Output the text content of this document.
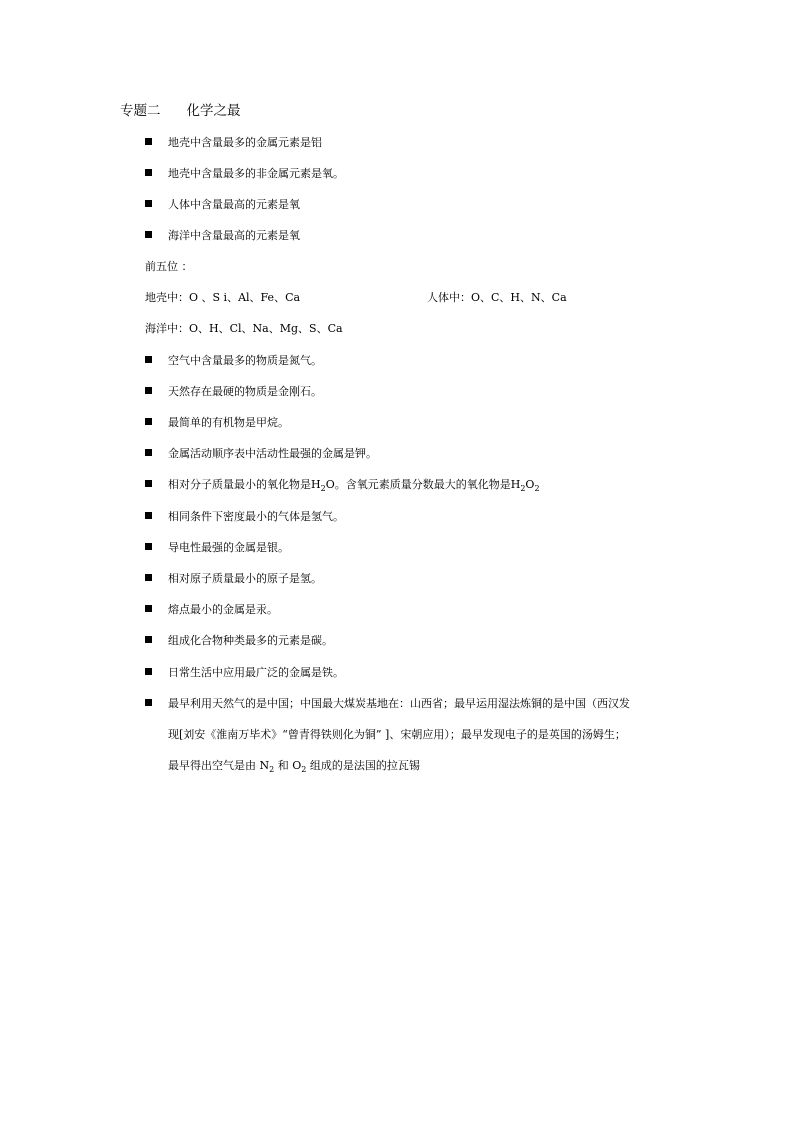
专题二 化学之最
地壳中含量最多的金属元素是铝
地壳中含量最多的非金属元素是氧。
人体中含量最高的元素是氧
海洋中含量最高的元素是氧
前五位 ：
地壳中：O 、S i、Al、Fe、Ca	人体中：O、C、H、N、Ca
海洋中：O、H、Cl、Na、Mg、S、Ca
空气中含量最多的物质是氮气。
天然存在最硬的物质是金刚石。
最简单的有机物是甲烷。
金属活动顺序表中活动性最强的金属是钾。
相对分子质量最小的氧化物是$H_2O$。含氧元素质量分数最大的氧化物是$H_2O_2$
相同条件下密度最小的气体是氢气。
导电性最强的金属是银。
相对原子质量最小的原子是氢。
熔点最小的金属是汞。
组成化合物种类最多的元素是碳。
日常生活中应用最广泛的金属是铁。
最早利用天然气的是中国；中国最大煤炭基地在：山西省；最早运用湿法炼铜的是中国（西汉发
现[刘安《淮南万毕术》“曾青得铁则化为铜” ]、宋朝应用）；最早发现电子的是英国的汤姆生；
最早得出空气是由 $N_2$ 和 $O_2$ 组成的是法国的拉瓦锡
